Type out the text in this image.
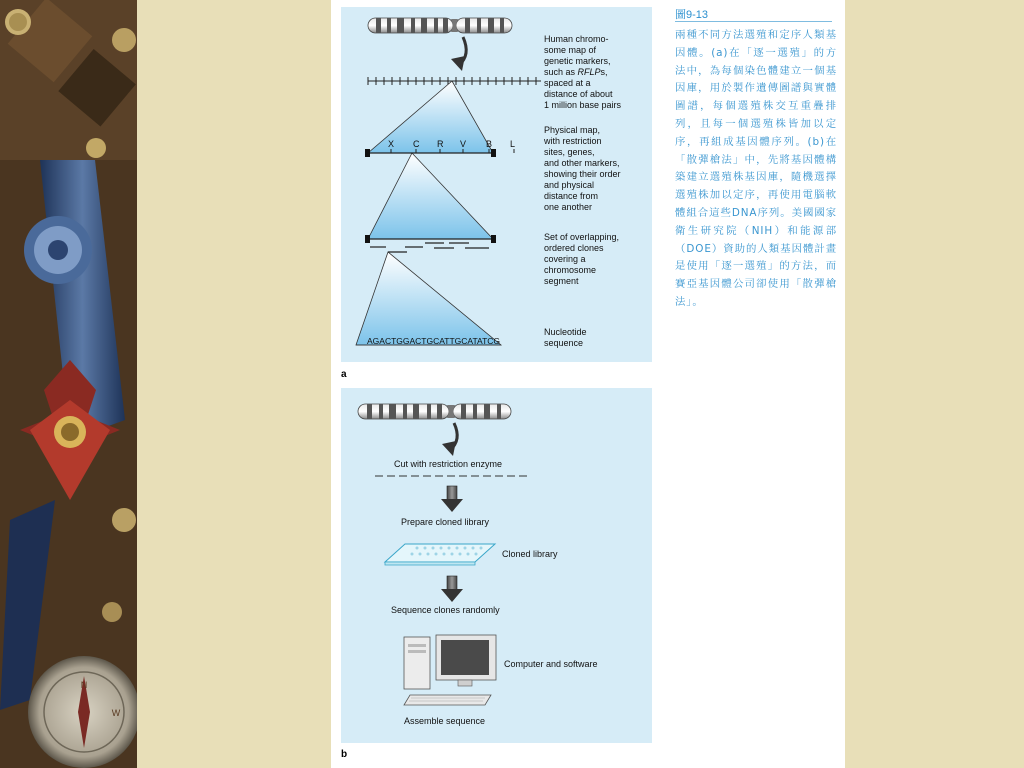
N
W
X C R V B L
Human chromo-
some map of
genetic markers,
such as RFLPs,
spaced at a
distance of about
1 million base pairs
Physical map,
with restriction
sites, genes,
and other markers,
showing their order
and physical
distance from
one another
Set of overlapping,
ordered clones
covering a
chromosome
segment
Nucleotide
sequence
AGACTGGACTGCATTGCATATCG
a
Cut with restriction enzyme
Prepare cloned library
Cloned library
Sequence clones randomly
Computer and software
Assemble sequence
b
圖9-13
兩種不同方法選殖和定序人類基因體。(a)在「逐一選殖」的方法中，為每個染色體建立一個基因庫，用於製作遺傳圖譜與實體圖譜，每個選殖株交互重疊排列，且每一個選殖株皆加以定序，再組成基因體序列。(b)在「散彈槍法」中，先將基因體構築建立選殖株基因庫，隨機選擇選殖株加以定序，再使用電腦軟體組合這些DNA序列。美國國家衛生研究院（NIH）和能源部（DOE）資助的人類基因體計畫是使用「逐一選殖」的方法，而賽亞基因體公司卻使用「散彈槍法」。
